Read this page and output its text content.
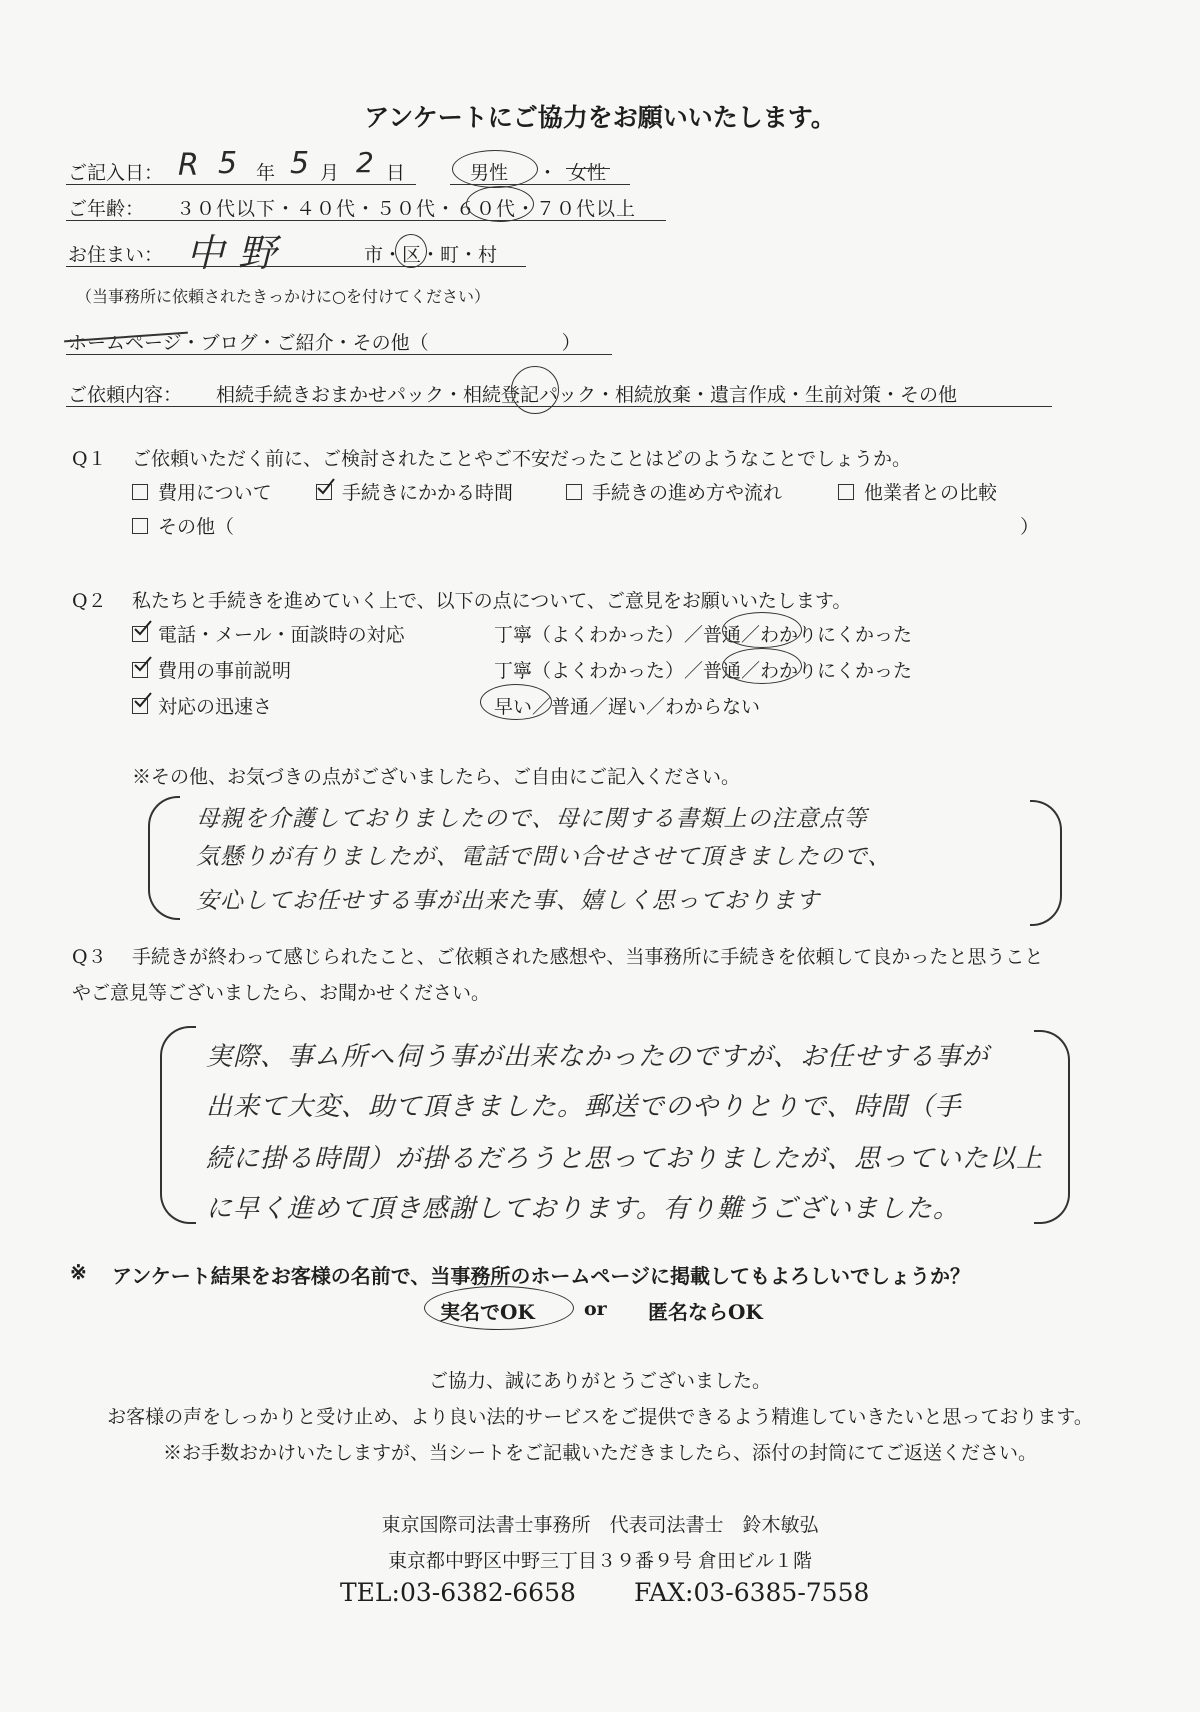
アンケートにご協力をお願いいたします。
ご記入日： R 5 年 5 月 2 日	男性 ・ 女性
ご年齢： ３０代以下・４０代・５０代・６０代・７０代以上
お住まい： 中野	市・区・町・村
（当事務所に依頼されたきっかけに○を付けてください）
ホームページ・ブログ・ご紹介・その他（　　　　　　　）
ご依頼内容： 相続手続きおまかせパック・相続登記パック・相続放棄・遺言作成・生前対策・その他
Q１ ご依頼いただく前に、ご検討されたことやご不安だったことはどのようなことでしょうか。
費用について	手続きにかかる時間	手続きの進め方や流れ	他業者との比較
その他（	）
Q２ 私たちと手続きを進めていく上で、以下の点について、ご意見をお願いいたします。
電話・メール・面談時の対応	丁寧（よくわかった）／普通／わかりにくかった
費用の事前説明	丁寧（よくわかった）／普通／わかりにくかった
対応の迅速さ	早い／普通／遅い／わからない
※その他、お気づきの点がございましたら、ご自由にご記入ください。
母親を介護しておりましたので、母に関する書類上の注意点等
気懸りが有りましたが、電話で問い合せさせて頂きましたので、
安心してお任せする事が出来た事、嬉しく思っております
Q３ 手続きが終わって感じられたこと、ご依頼された感想や、当事務所に手続きを依頼して良かったと思うこと
やご意見等ございましたら、お聞かせください。
実際、事ム所へ伺う事が出来なかったのですが、お任せする事が
出来て大変、助て頂きました。郵送でのやりとりで、時間（手
続に掛る時間）が掛るだろうと思っておりましたが、思っていた以上
に早く進めて頂き感謝しております。有り難うございました。
※ アンケート結果をお客様の名前で、当事務所のホームページに掲載してもよろしいでしょうか？
実名でOK	or 匿名ならOK
ご協力、誠にありがとうございました。
お客様の声をしっかりと受け止め、より良い法的サービスをご提供できるよう精進していきたいと思っております。
※お手数おかけいたしますが、当シートをご記載いただきましたら、添付の封筒にてご返送ください。
東京国際司法書士事務所　代表司法書士　鈴木敏弘
東京都中野区中野三丁目３９番９号 倉田ビル１階
TEL:03-6382-6658 FAX:03-6385-7558
